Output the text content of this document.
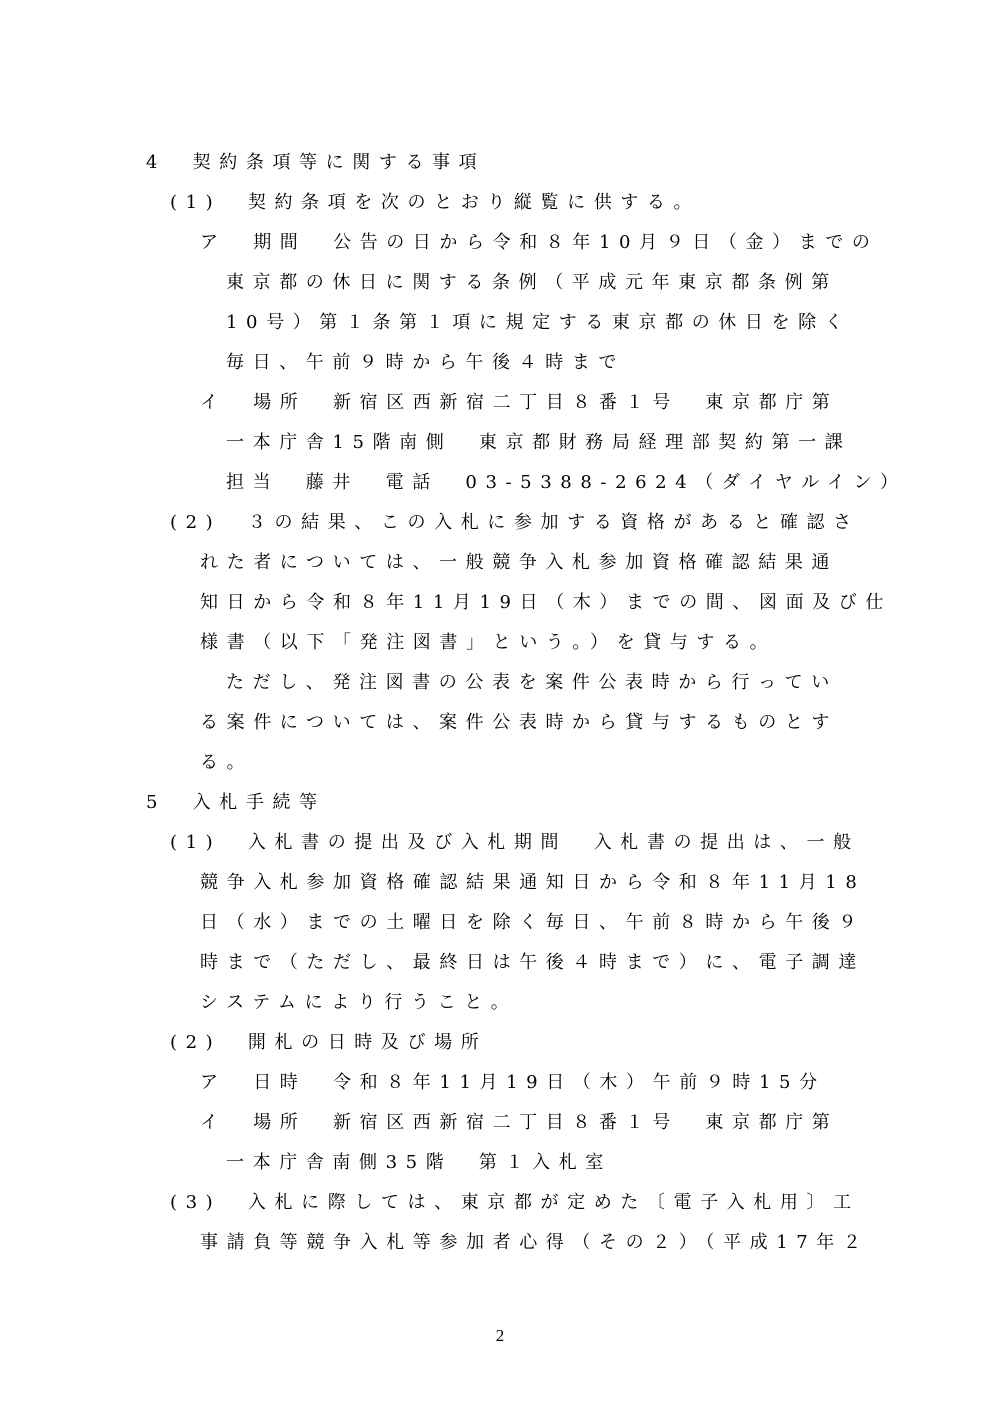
4　契約条項等に関する事項
(1)　契約条項を次のとおり縦覧に供する。
ア　期間　公告の日から令和８年10月９日（金）までの
東京都の休日に関する条例（平成元年東京都条例第
10号）第１条第１項に規定する東京都の休日を除く
毎日、午前９時から午後４時まで
イ　場所　新宿区西新宿二丁目８番１号　東京都庁第
一本庁舎15階南側　東京都財務局経理部契約第一課
担当　藤井　電話　03-5388-2624（ダイヤルイン）
(2)　３の結果、この入札に参加する資格があると確認さ
れた者については、一般競争入札参加資格確認結果通
知日から令和８年11月19日（木）までの間、図面及び仕
様書（以下「発注図書」という。）を貸与する。
ただし、発注図書の公表を案件公表時から行ってい
る案件については、案件公表時から貸与するものとす
る。
5　入札手続等
(1)　入札書の提出及び入札期間　入札書の提出は、一般
競争入札参加資格確認結果通知日から令和８年11月18
日（水）までの土曜日を除く毎日、午前８時から午後９
時まで（ただし、最終日は午後４時まで）に、電子調達
システムにより行うこと。
(2)　開札の日時及び場所
ア　日時　令和８年11月19日（木）午前９時15分
イ　場所　新宿区西新宿二丁目８番１号　東京都庁第
一本庁舎南側35階　第１入札室
(3)　入札に際しては、東京都が定めた〔電子入札用〕工
事請負等競争入札等参加者心得（その２）（平成17年２
2
